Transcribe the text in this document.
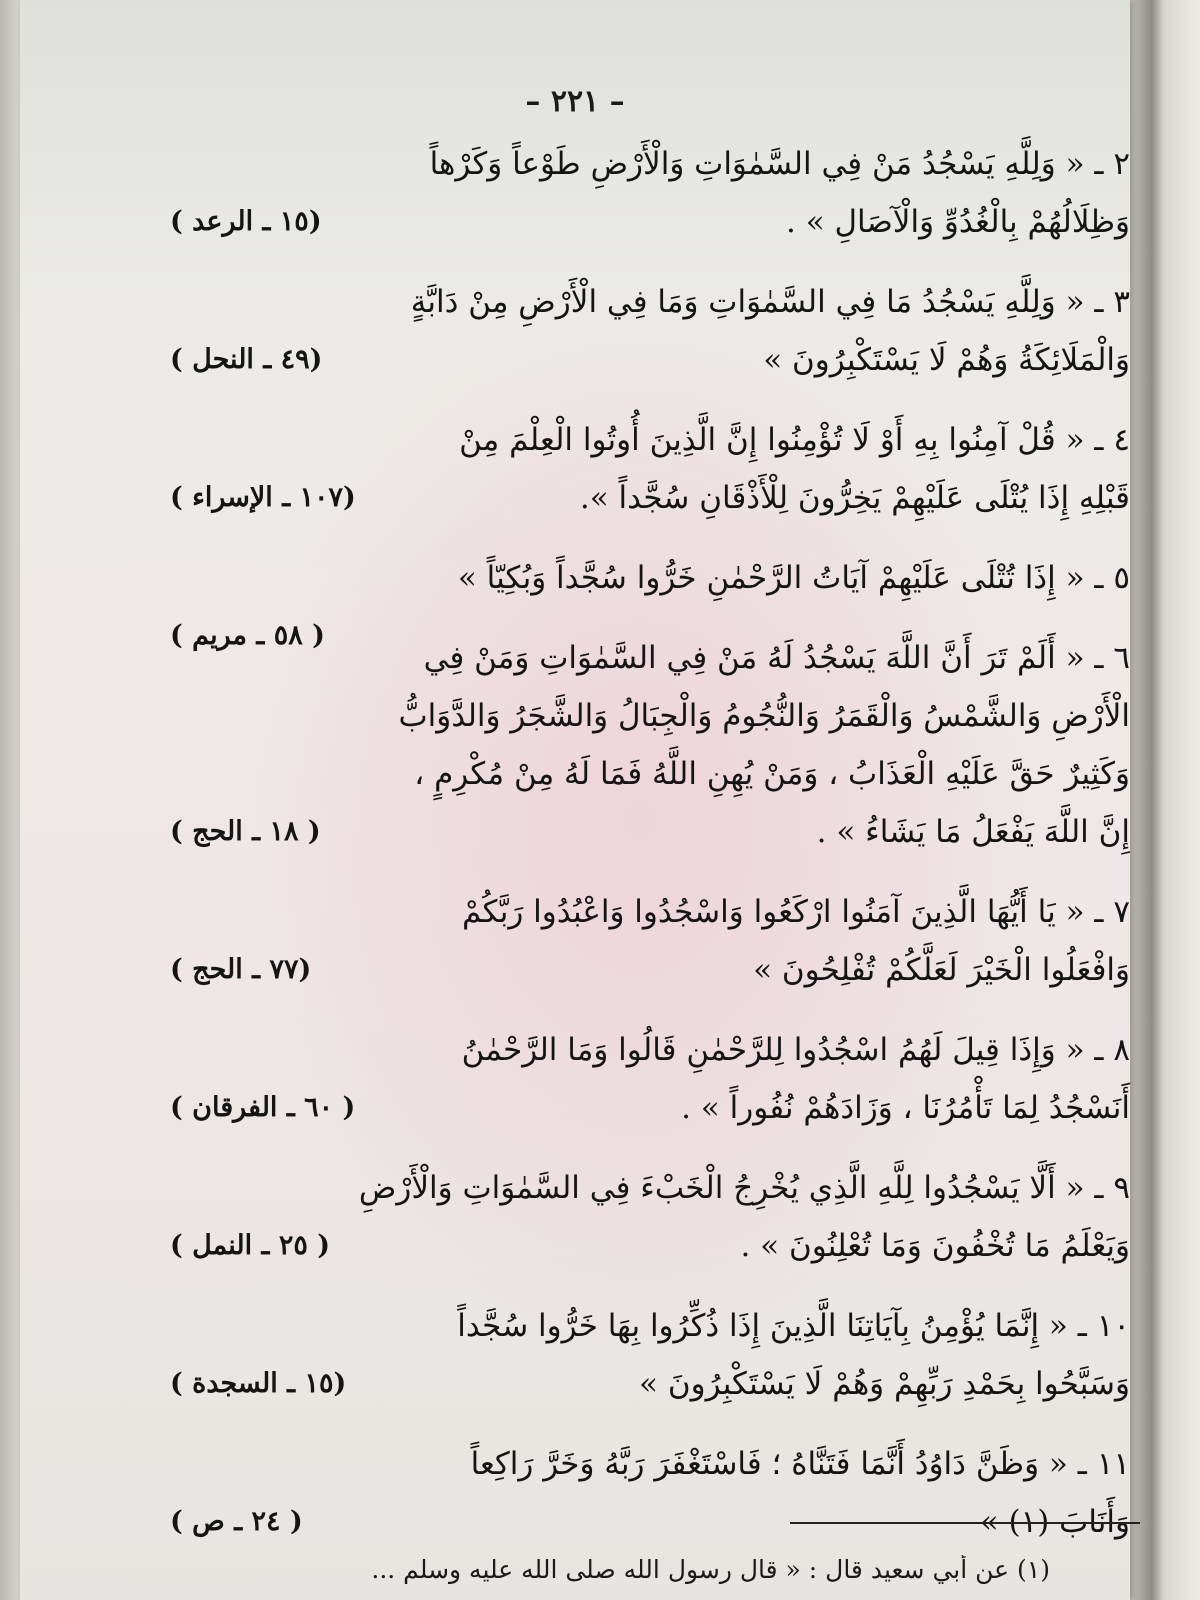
– ٢٢١ –
٢ ـ « وَلِلَّهِ يَسْجُدُ مَنْ فِي السَّمٰوَاتِ وَالْأَرْضِ طَوْعاً وَكَرْهاً
وَظِلَالُهُمْ بِالْغُدُوِّ وَالْآصَالِ » .
(١٥ ـ الرعد )
٣ ـ « وَلِلَّهِ يَسْجُدُ مَا فِي السَّمٰوَاتِ وَمَا فِي الْأَرْضِ مِنْ دَابَّةٍ
وَالْمَلَائِكَةُ وَهُمْ لَا يَسْتَكْبِرُونَ »
(٤٩ ـ النحل )
٤ ـ « قُلْ آمِنُوا بِهِ أَوْ لَا تُؤْمِنُوا إِنَّ الَّذِينَ أُوتُوا الْعِلْمَ مِنْ
قَبْلِهِ إِذَا يُتْلَى عَلَيْهِمْ يَخِرُّونَ لِلْأَذْقَانِ سُجَّداً ».
(١٠٧ ـ الإسراء )
٥ ـ « إِذَا تُتْلَى عَلَيْهِمْ آيَاتُ الرَّحْمٰنِ خَرُّوا سُجَّداً وَبُكِيّاً »
( ٥٨ ـ مريم )
٦ ـ « أَلَمْ تَرَ أَنَّ اللَّهَ يَسْجُدُ لَهُ مَنْ فِي السَّمٰوَاتِ وَمَنْ فِي
الْأَرْضِ وَالشَّمْسُ وَالْقَمَرُ وَالنُّجُومُ وَالْجِبَالُ وَالشَّجَرُ وَالدَّوَابُّ
وَكَثِيرٌ حَقَّ عَلَيْهِ الْعَذَابُ ، وَمَنْ يُهِنِ اللَّهُ فَمَا لَهُ مِنْ مُكْرِمٍ ،
إِنَّ اللَّهَ يَفْعَلُ مَا يَشَاءُ » .
( ١٨ ـ الحج )
٧ ـ « يَا أَيُّهَا الَّذِينَ آمَنُوا ارْكَعُوا وَاسْجُدُوا وَاعْبُدُوا رَبَّكُمْ
وَافْعَلُوا الْخَيْرَ لَعَلَّكُمْ تُفْلِحُونَ »
(٧٧ ـ الحج )
٨ ـ « وَإِذَا قِيلَ لَهُمُ اسْجُدُوا لِلرَّحْمٰنِ قَالُوا وَمَا الرَّحْمٰنُ
أَنَسْجُدُ لِمَا تَأْمُرُنَا ، وَزَادَهُمْ نُفُوراً » .
( ٦٠ ـ الفرقان )
٩ ـ « أَلَّا يَسْجُدُوا لِلَّهِ الَّذِي يُخْرِجُ الْخَبْءَ فِي السَّمٰوَاتِ وَالْأَرْضِ
وَيَعْلَمُ مَا تُخْفُونَ وَمَا تُعْلِنُونَ » .
( ٢٥ ـ النمل )
١٠ ـ « إِنَّمَا يُؤْمِنُ بِآيَاتِنَا الَّذِينَ إِذَا ذُكِّرُوا بِهَا خَرُّوا سُجَّداً
وَسَبَّحُوا بِحَمْدِ رَبِّهِمْ وَهُمْ لَا يَسْتَكْبِرُونَ »
(١٥ ـ السجدة )
١١ ـ « وَظَنَّ دَاوُدُ أَنَّمَا فَتَنَّاهُ ؛ فَاسْتَغْفَرَ رَبَّهُ وَخَرَّ رَاكِعاً
وَأَنَابَ (١) »
( ٢٤ ـ ص )
(١) عن أبي سعيد قال : « قال رسول الله صلى الله عليه وسلم ...
